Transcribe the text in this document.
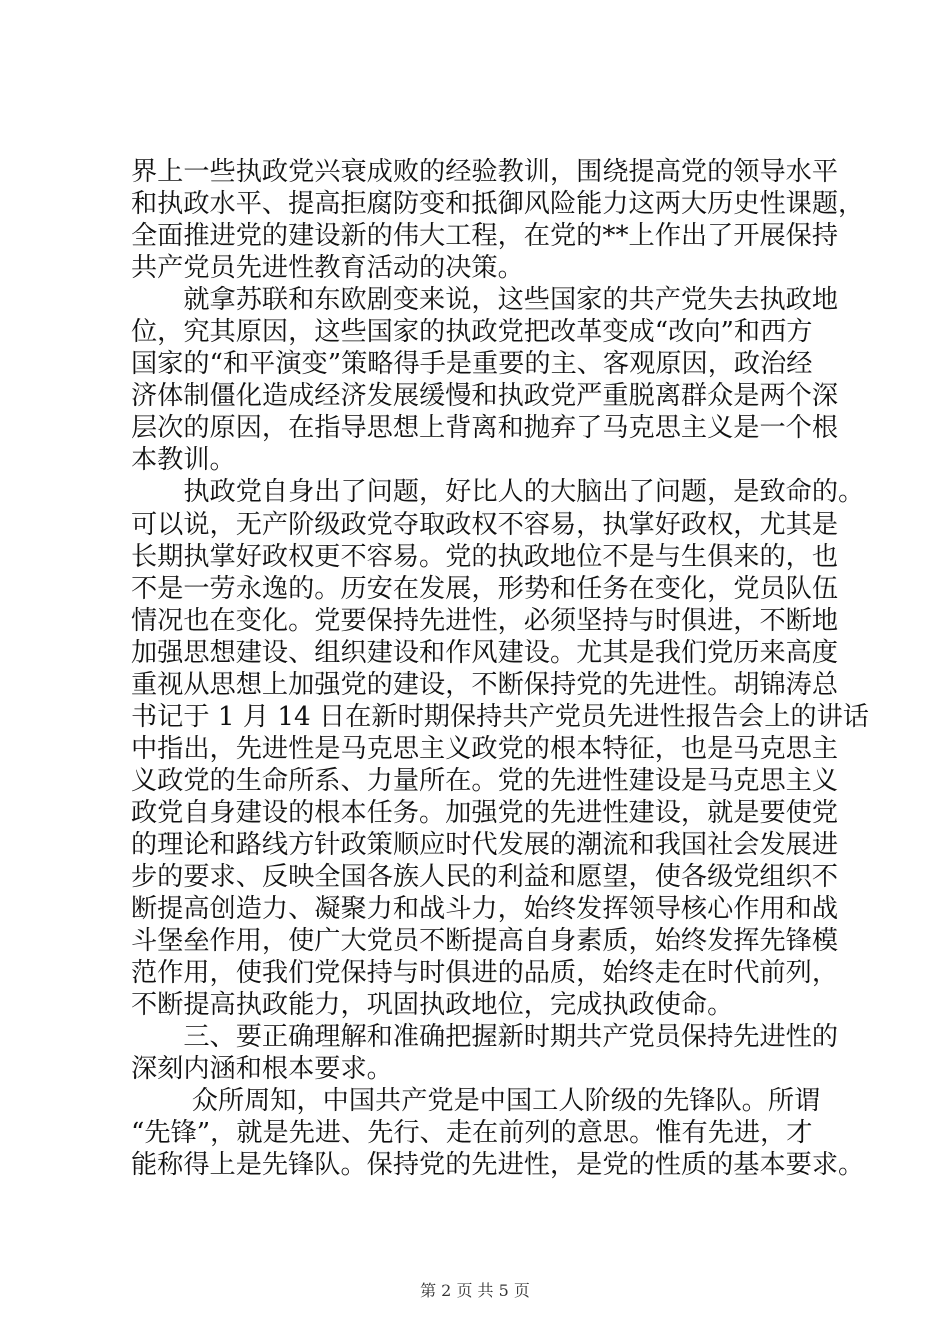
界上一些执政党兴衰成败的经验教训，围绕提高党的领导水平
和执政水平、提高拒腐防变和抵御风险能力这两大历史性课题，
全面推进党的建设新的伟大工程，在党的**上作出了开展保持
共产党员先进性教育活动的决策。
　　就拿苏联和东欧剧变来说，这些国家的共产党失去执政地
位，究其原因，这些国家的执政党把改革变成“改向”和西方
国家的“和平演变”策略得手是重要的主、客观原因，政治经
济体制僵化造成经济发展缓慢和执政党严重脱离群众是两个深
层次的原因，在指导思想上背离和抛弃了马克思主义是一个根
本教训。
　　执政党自身出了问题，好比人的大脑出了问题，是致命的。
可以说，无产阶级政党夺取政权不容易，执掌好政权，尤其是
长期执掌好政权更不容易。党的执政地位不是与生俱来的，也
不是一劳永逸的。历安在发展，形势和任务在变化，党员队伍
情况也在变化。党要保持先进性，必须坚持与时俱进，不断地
加强思想建设、组织建设和作风建设。尤其是我们党历来高度
重视从思想上加强党的建设，不断保持党的先进性。胡锦涛总
书记于 1 月 14 日在新时期保持共产党员先进性报告会上的讲话
中指出，先进性是马克思主义政党的根本特征，也是马克思主
义政党的生命所系、力量所在。党的先进性建设是马克思主义
政党自身建设的根本任务。加强党的先进性建设，就是要使党
的理论和路线方针政策顺应时代发展的潮流和我国社会发展进
步的要求、反映全国各族人民的利益和愿望，使各级党组织不
断提高创造力、凝聚力和战斗力，始终发挥领导核心作用和战
斗堡垒作用，使广大党员不断提高自身素质，始终发挥先锋模
范作用，使我们党保持与时俱进的品质，始终走在时代前列，
不断提高执政能力，巩固执政地位，完成执政使命。
　　三、要正确理解和准确把握新时期共产党员保持先进性的
深刻内涵和根本要求。
　　 众所周知，中国共产党是中国工人阶级的先锋队。所谓
“先锋”，就是先进、先行、走在前列的意思。惟有先进，才
能称得上是先锋队。保持党的先进性，是党的性质的基本要求。
第 2 页 共 5 页
